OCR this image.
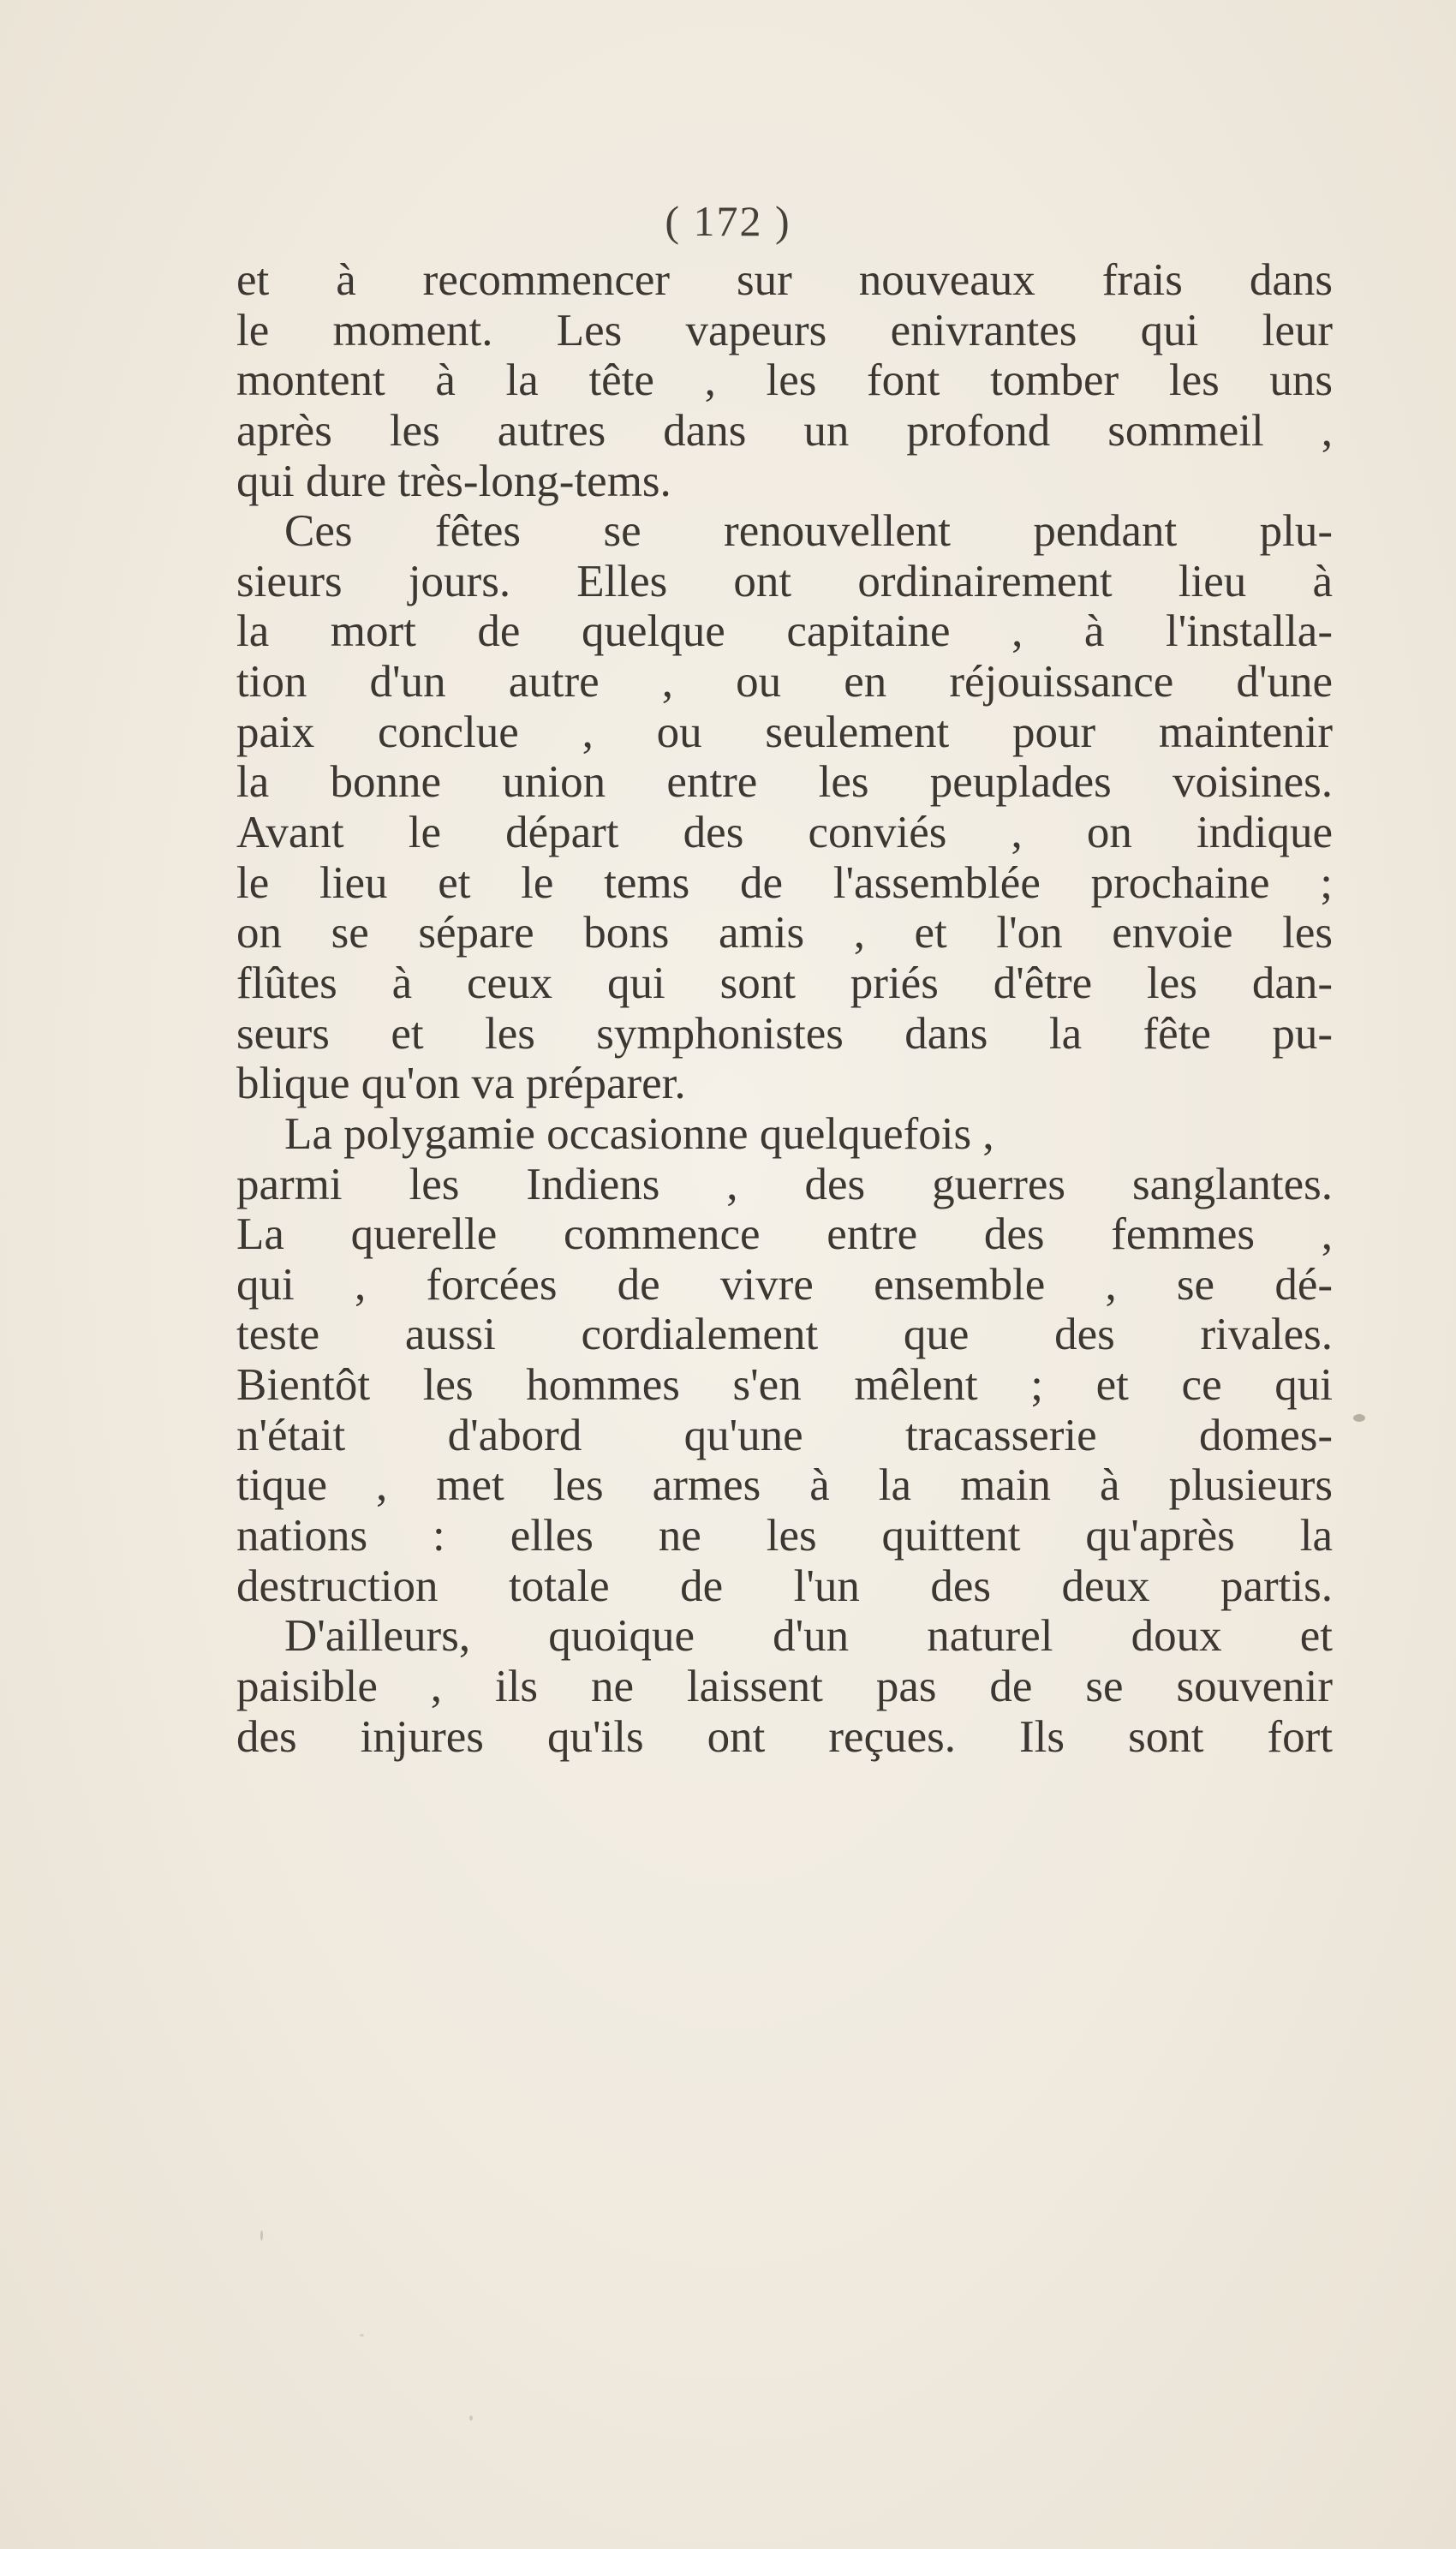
( 172 )
et à recommencer sur nouveaux frais dans
le moment. Les vapeurs enivrantes qui leur
montent à la tête , les font tomber les uns
après les autres dans un profond sommeil ,
qui dure très-long-tems.
Ces fêtes se renouvellent pendant plu-
sieurs jours. Elles ont ordinairement lieu à
la mort de quelque capitaine , à l'installa-
tion d'un autre , ou en réjouissance d'une
paix conclue , ou seulement pour maintenir
la bonne union entre les peuplades voisines.
Avant le départ des conviés , on indique
le lieu et le tems de l'assemblée prochaine ;
on se sépare bons amis , et l'on envoie les
flûtes à ceux qui sont priés d'être les dan-
seurs et les symphonistes dans la fête pu-
blique qu'on va préparer.
La polygamie occasionne quelquefois ,
parmi les Indiens , des guerres sanglantes.
La querelle commence entre des femmes ,
qui , forcées de vivre ensemble , se dé-
teste aussi cordialement que des rivales.
Bientôt les hommes s'en mêlent ; et ce qui
n'était d'abord qu'une tracasserie domes-
tique , met les armes à la main à plusieurs
nations : elles ne les quittent qu'après la
destruction totale de l'un des deux partis.
D'ailleurs, quoique d'un naturel doux et
paisible , ils ne laissent pas de se souvenir
des injures qu'ils ont reçues. Ils sont fort
